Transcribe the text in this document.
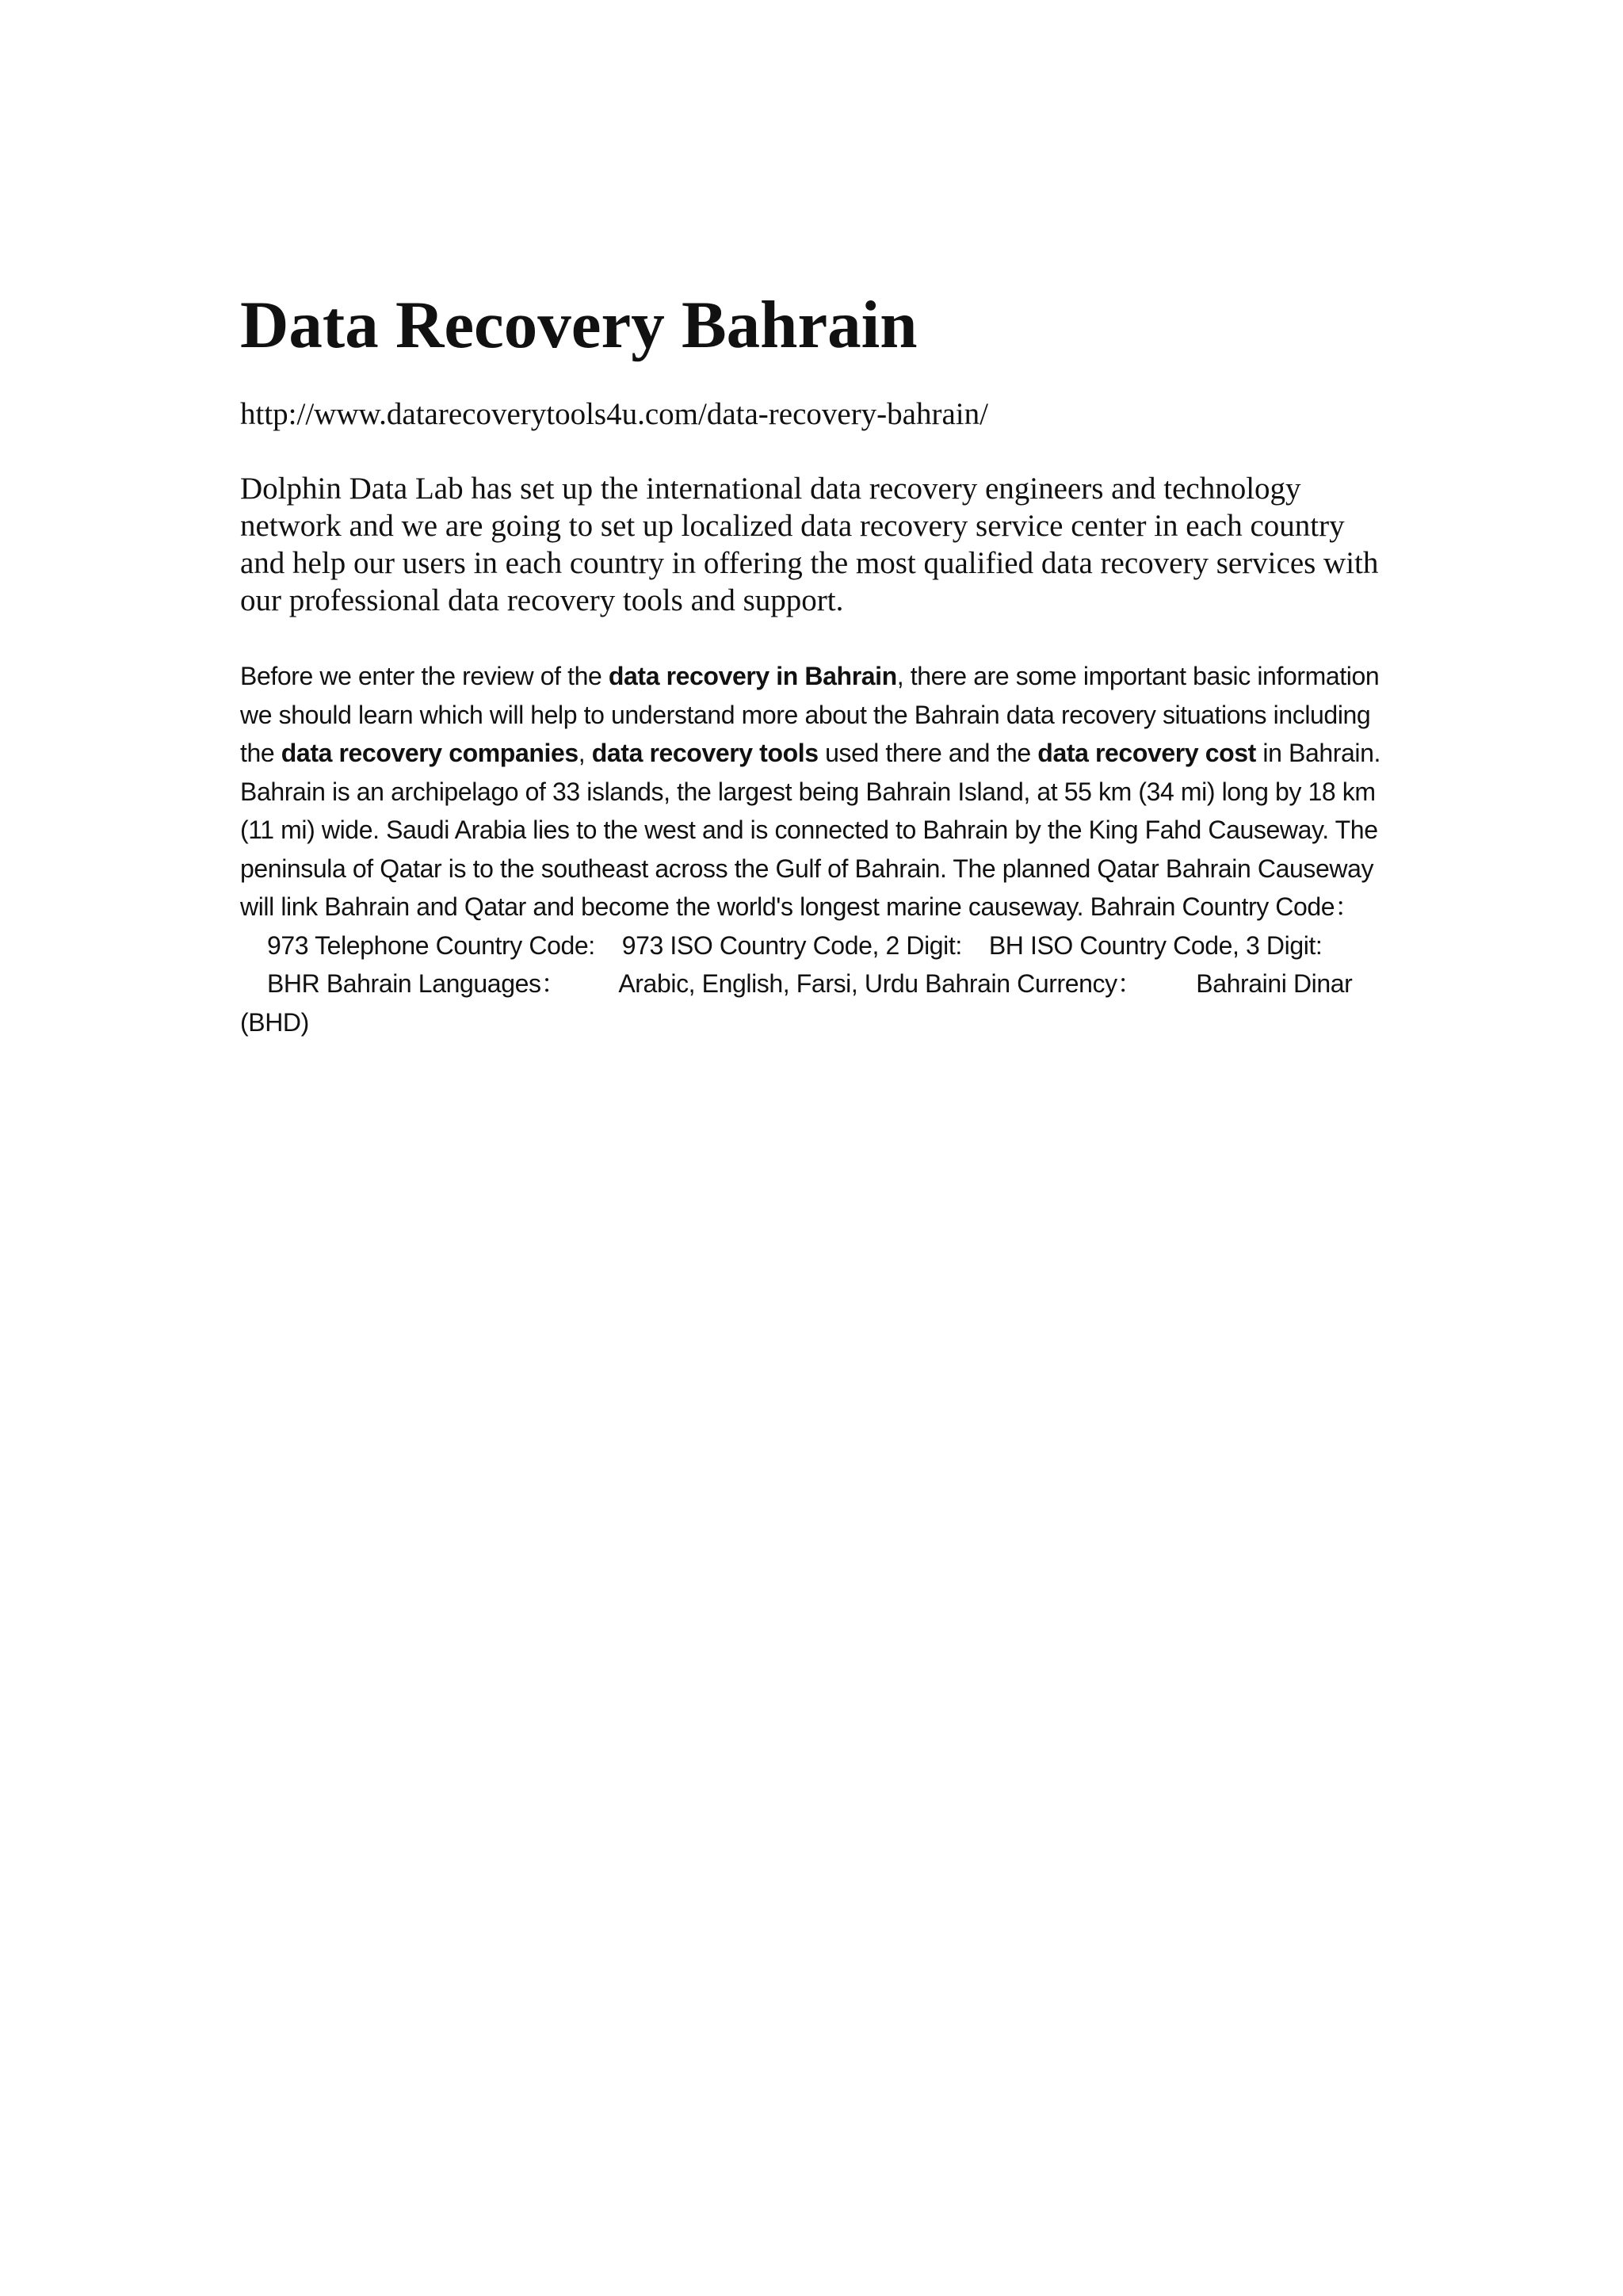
Data Recovery Bahrain
http://www.datarecoverytools4u.com/data-recovery-bahrain/

Dolphin Data Lab has set up the international data recovery engineers and technology network and we are going to set up localized data recovery service center in each country and help our users in each country in offering the most qualified data recovery services with our professional data recovery tools and support.

Before we enter the review of the data recovery in Bahrain, there are some important basic information we should learn which will help to understand more about the Bahrain data recovery situations including the data recovery companies, data recovery tools used there and the data recovery cost in Bahrain. Bahrain is an archipelago of 33 islands, the largest being Bahrain Island, at 55 km (34 mi) long by 18 km (11 mi) wide. Saudi Arabia lies to the west and is connected to Bahrain by the King Fahd Causeway. The peninsula of Qatar is to the southeast across the Gulf of Bahrain. The planned Qatar Bahrain Causeway will link Bahrain and Qatar and become the world's longest marine causeway. Bahrain Country Code：    973 Telephone Country Code: 973 ISO Country Code, 2 Digit: BH ISO Country Code, 3 Digit:    BHR Bahrain Languages： Arabic, English, Farsi, Urdu Bahrain Currency： Bahraini Dinar (BHD)
